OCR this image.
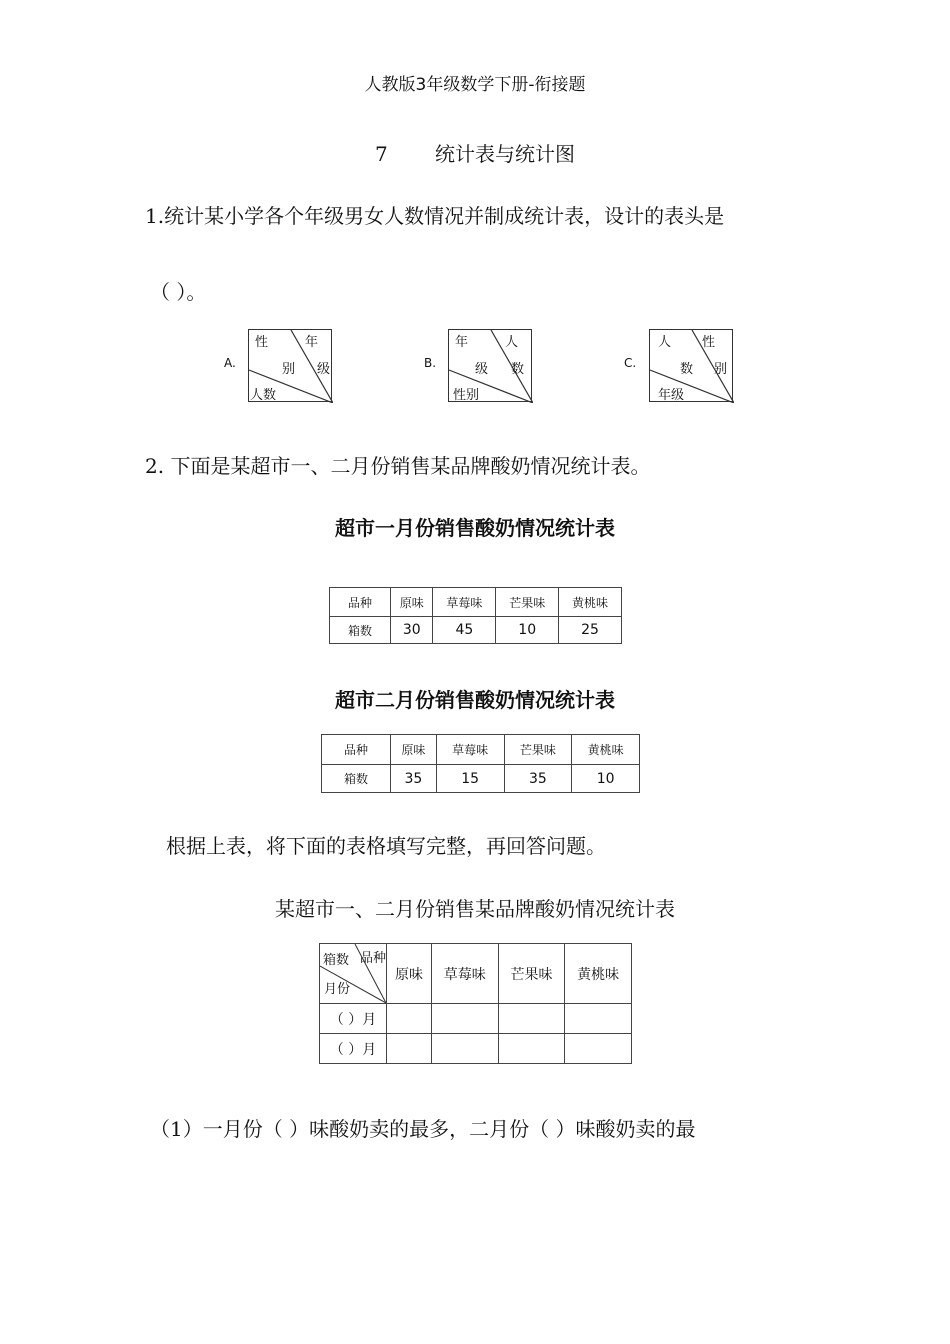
人教版3年级数学下册-衔接题
7 统计表与统计图
1.统计某小学各个年级男女人数情况并制成统计表，设计的表头是
（ ）。
A.
性	年
别 级
人数
B.
年	人
级 数
性别
C.
人 性
数 别
年级
2. 下面是某超市一、二月份销售某品牌酸奶情况统计表。
超市一月份销售酸奶情况统计表
品种	原味	草莓味	芒果味	黄桃味
箱数	30	45	10	25
超市二月份销售酸奶情况统计表
品种	原味	草莓味	芒果味	黄桃味
箱数	35	15	35	10
根据上表，将下面的表格填写完整，再回答问题。
某超市一、二月份销售某品牌酸奶情况统计表
箱数 品种
月份	原味	草莓味	芒果味	黄桃味
（ ）月				
（ ）月				
（1）一月份（ ）味酸奶卖的最多，二月份（ ）味酸奶卖的最
